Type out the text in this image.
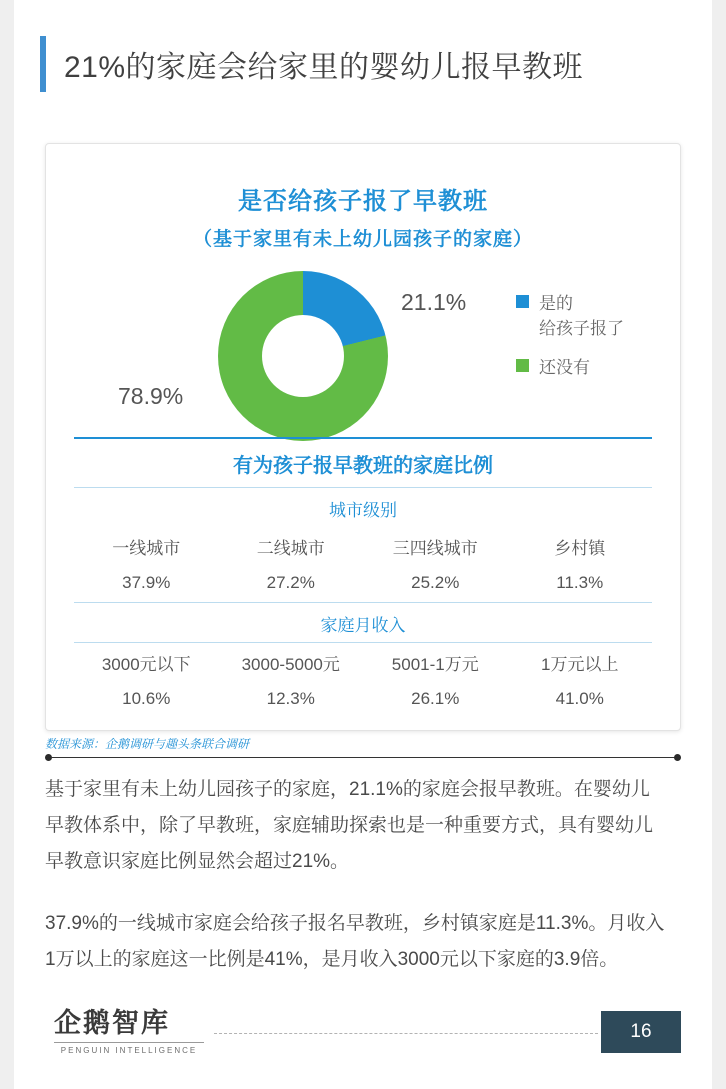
21%的家庭会给家里的婴幼儿报早教班
是否给孩子报了早教班
（基于家里有未上幼儿园孩子的家庭）
21.1%
78.9%
是的
给孩子报了
还没有
有为孩子报早教班的家庭比例
城市级别
一线城市	二线城市	三四线城市	乡村镇
37.9%	27.2%	25.2%	11.3%
家庭月收入
3000元以下	3000-5000元	5001-1万元	1万元以上
10.6%	12.3%	26.1%	41.0%
数据来源：企鹅调研与趣头条联合调研

基于家里有未上幼儿园孩子的家庭，21.1%的家庭会报早教班。在婴幼儿早教体系中，除了早教班，家庭辅助探索也是一种重要方式，具有婴幼儿早教意识家庭比例显然会超过21%。

37.9%的一线城市家庭会给孩子报名早教班，乡村镇家庭是11.3%。月收入1万以上的家庭这一比例是41%，是月收入3000元以下家庭的3.9倍。

企鹅智库
PENGUIN INTELLIGENCE
16
